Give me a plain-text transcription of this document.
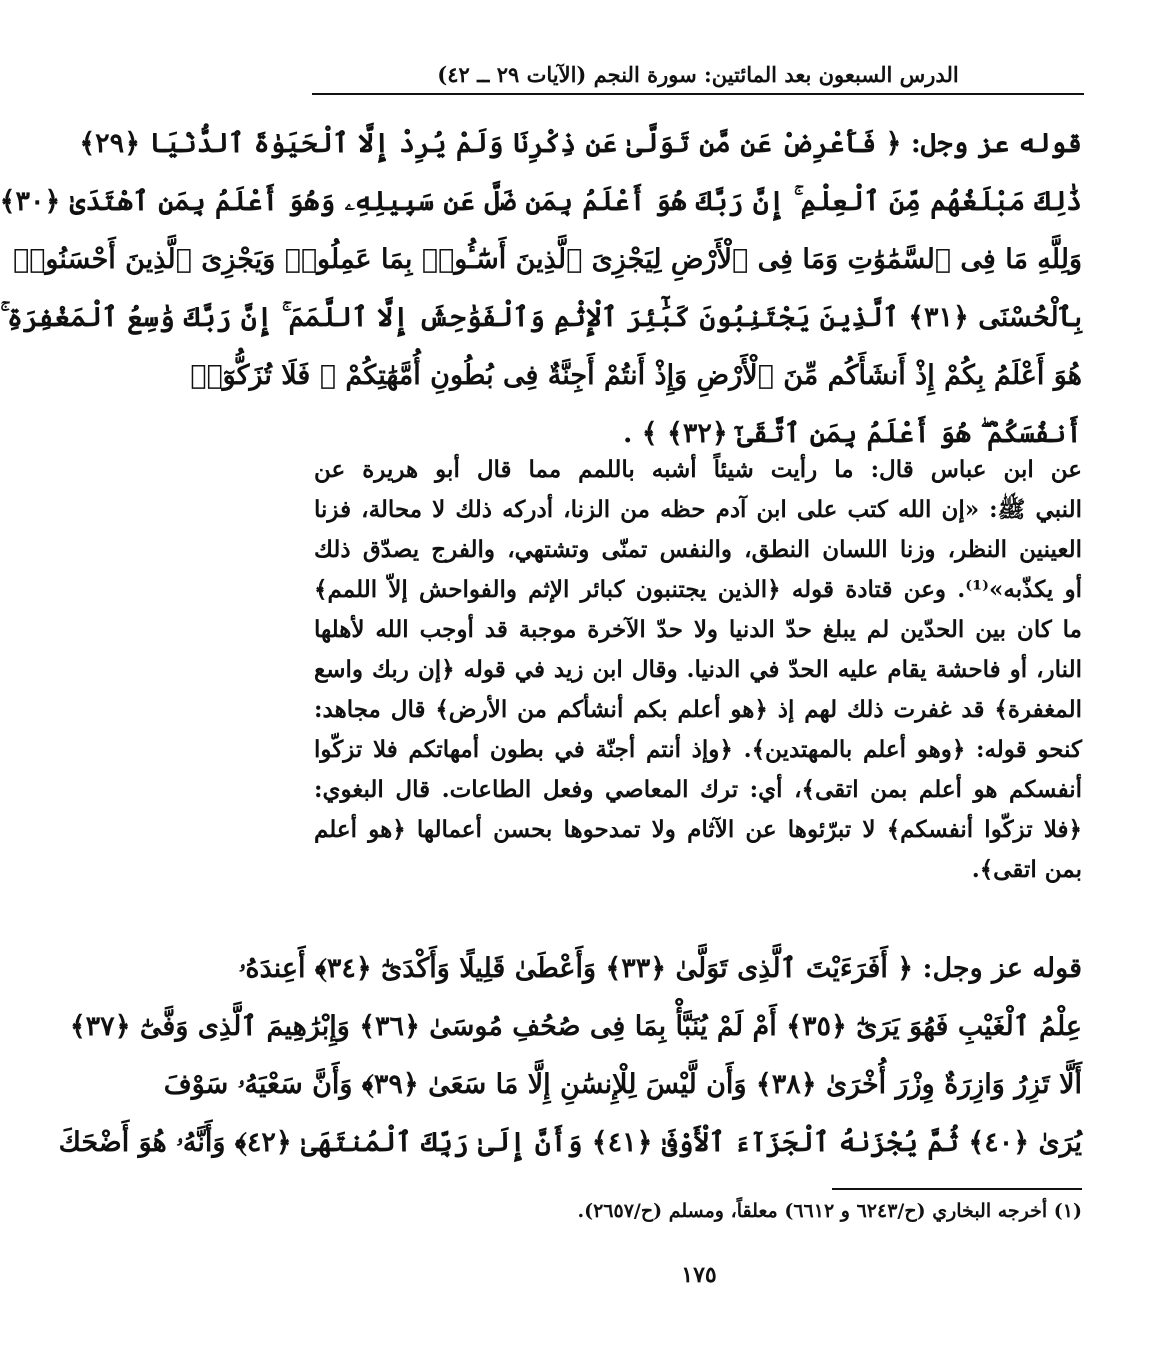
الدرس السبعون بعد المائتين: سورة النجم (الآيات ٢٩ ــ ٤٢)
قوله عز وجل: ﴿ فَأَعْرِضْ عَن مَّن تَوَلَّىٰ عَن ذِكْرِنَا وَلَمْ يُرِدْ إِلَّا ٱلْحَيَوٰةَ ٱلدُّنْيَا ﴿٢٩﴾
ذَٰلِكَ مَبْلَغُهُم مِّنَ ٱلْعِلْمِ ۚ إِنَّ رَبَّكَ هُوَ أَعْلَمُ بِمَن ضَلَّ عَن سَبِيلِهِۦ وَهُوَ أَعْلَمُ بِمَنِ ٱهْتَدَىٰ ﴿٣٠﴾
وَلِلَّهِ مَا فِى ٱلسَّمَٰوَٰتِ وَمَا فِى ٱلْأَرْضِ لِيَجْزِىَ ٱلَّذِينَ أَسَٰٓـُٔوا۟ بِمَا عَمِلُوا۟ وَيَجْزِىَ ٱلَّذِينَ أَحْسَنُوا۟
بِٱلْحُسْنَى ﴿٣١﴾ ٱلَّذِينَ يَجْتَنِبُونَ كَبَٰٓئِرَ ٱلْإِثْمِ وَٱلْفَوَٰحِشَ إِلَّا ٱللَّمَمَ ۚ إِنَّ رَبَّكَ وَٰسِعُ ٱلْمَغْفِرَةِ ۚ
هُوَ أَعْلَمُ بِكُمْ إِذْ أَنشَأَكُم مِّنَ ٱلْأَرْضِ وَإِذْ أَنتُمْ أَجِنَّةٌ فِى بُطُونِ أُمَّهَٰتِكُمْ ۖ فَلَا تُزَكُّوٓا۟
أَنفُسَكُمْ ۖ هُوَ أَعْلَمُ بِمَنِ ٱتَّقَىٰٓ ﴿٣٢﴾ ﴾ .
عن ابن عباس قال: ما رأيت شيئاً أشبه باللمم مما قال أبو هريرة عن
النبي ﷺ: «إن الله كتب على ابن آدم حظه من الزنا، أدركه ذلك لا محالة، فزنا
العينين النظر، وزنا اللسان النطق، والنفس تمنّى وتشتهي، والفرج يصدّق ذلك
أو يكذّبه»⁽¹⁾. وعن قتادة قوله ﴿الذين يجتنبون كبائر الإثم والفواحش إلاّ اللمم﴾
ما كان بين الحدّين لم يبلغ حدّ الدنيا ولا حدّ الآخرة موجبة قد أوجب الله لأهلها
النار، أو فاحشة يقام عليه الحدّ في الدنيا. وقال ابن زيد في قوله ﴿إن ربك واسع
المغفرة﴾ قد غفرت ذلك لهم إذ ﴿هو أعلم بكم أنشأكم من الأرض﴾ قال مجاهد:
كنحو قوله: ﴿وهو أعلم بالمهتدين﴾. ﴿وإذ أنتم أجنّة في بطون أمهاتكم فلا تزكّوا
أنفسكم هو أعلم بمن اتقى﴾، أي: ترك المعاصي وفعل الطاعات. قال البغوي:
﴿فلا تزكّوا أنفسكم﴾ لا تبرّئوها عن الآثام ولا تمدحوها بحسن أعمالها ﴿هو أعلم
بمن اتقى﴾.
قوله عز وجل: ﴿ أَفَرَءَيْتَ ٱلَّذِى تَوَلَّىٰ ﴿٣٣﴾ وَأَعْطَىٰ قَلِيلًا وَأَكْدَىٰٓ ﴿٣٤﴾ أَعِندَهُۥ
عِلْمُ ٱلْغَيْبِ فَهُوَ يَرَىٰٓ ﴿٣٥﴾ أَمْ لَمْ يُنَبَّأْ بِمَا فِى صُحُفِ مُوسَىٰ ﴿٣٦﴾ وَإِبْرَٰهِيمَ ٱلَّذِى وَفَّىٰٓ ﴿٣٧﴾
أَلَّا تَزِرُ وَازِرَةٌ وِزْرَ أُخْرَىٰ ﴿٣٨﴾ وَأَن لَّيْسَ لِلْإِنسَٰنِ إِلَّا مَا سَعَىٰ ﴿٣٩﴾ وَأَنَّ سَعْيَهُۥ سَوْفَ
يُرَىٰ ﴿٤٠﴾ ثُمَّ يُجْزَىٰهُ ٱلْجَزَآءَ ٱلْأَوْفَىٰ ﴿٤١﴾ وَأَنَّ إِلَىٰ رَبِّكَ ٱلْمُنتَهَىٰ ﴿٤٢﴾ وَأَنَّهُۥ هُوَ أَضْحَكَ
(١) أخرجه البخاري (ح/٦٢٤٣ و ٦٦١٢) معلقاً، ومسلم (ح/٢٦٥٧).
١٧٥
